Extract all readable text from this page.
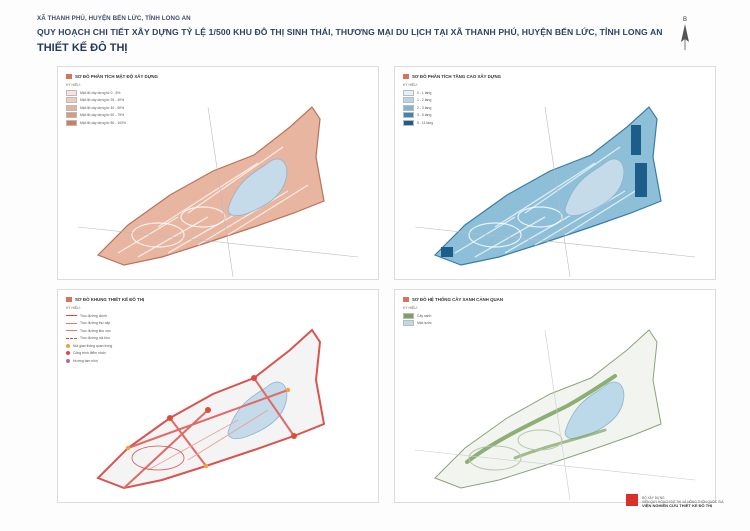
XÃ THANH PHÚ, HUYỆN BẾN LỨC, TỈNH LONG AN
QUY HOẠCH CHI TIẾT XÂY DỰNG TỶ LỆ 1/500 KHU ĐÔ THỊ SINH THÁI, THƯƠNG MẠI DU LỊCH TẠI XÃ THANH PHÚ, HUYỆN BẾN LỨC, TỈNH LONG AN
THIẾT KẾ ĐÔ THỊ
B
SƠ ĐỒ PHÂN TÍCH MẬT ĐỘ XÂY DỰNG
KÝ HIỆU:
Mật độ xây dựng từ 0 - 5%
Mật độ xây dựng từ 25 - 40%
Mật độ xây dựng từ 40 - 50%
Mật độ xây dựng từ 60 - 75%
Mật độ xây dựng từ 80 - 100%
SƠ ĐỒ PHÂN TÍCH TẦNG CAO XÂY DỰNG
KÝ HIỆU:
0 - 1 tầng
1 - 2 tầng
2 - 3 tầng
3 - 5 tầng
5 - 11 tầng
SƠ ĐỒ KHUNG THIẾT KẾ ĐÔ THỊ
KÝ HIỆU:
Trục đường chính
Trục đường thứ cấp
Trục đường khu vực
Trục đường nội khu
Nút giao thông quan trọng
Công trình điểm nhấn
Hướng tầm nhìn
SƠ ĐỒ HỆ THỐNG CÂY XANH CẢNH QUAN
KÝ HIỆU:
Cây xanh
Mặt nước
BỘ XÂY DỰNG
VIỆN QUY HOẠCH ĐÔ THỊ VÀ NÔNG THÔN QUỐC GIA
VIỆN NGHIÊN CỨU THIẾT KẾ ĐÔ THỊ
